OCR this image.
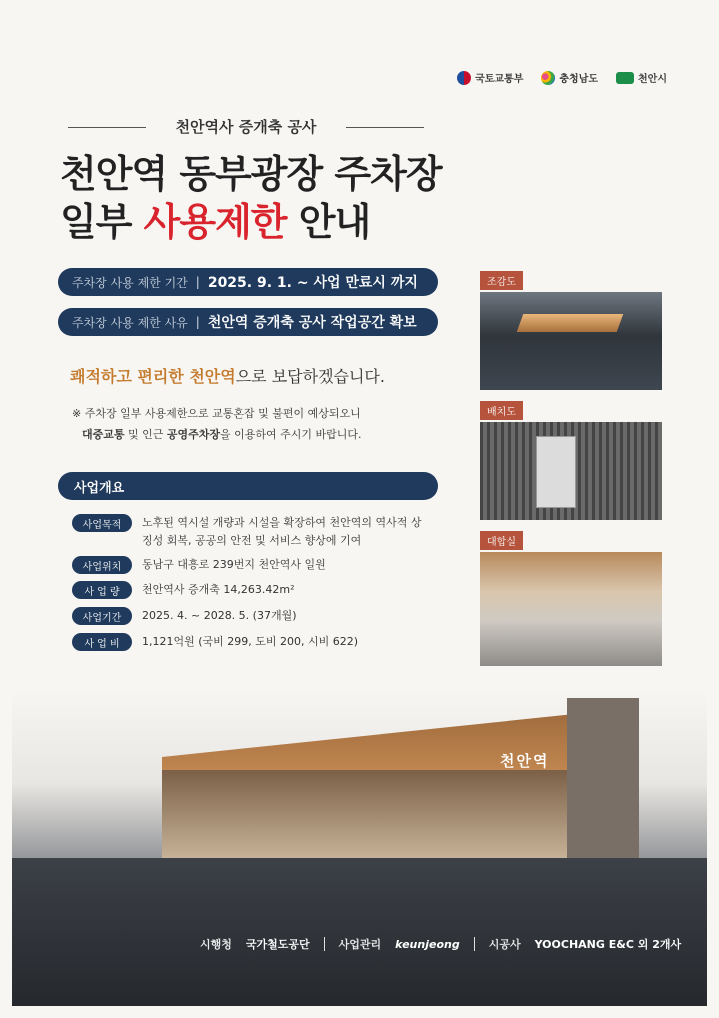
국토교통부	충청남도	천안시
천안역사 증개축 공사
천안역 동부광장 주차장
일부 사용제한 안내
주차장 사용 제한 기간 | 2025. 9. 1. ~ 사업 만료시 까지
주차장 사용 제한 사유 | 천안역 증개축 공사 작업공간 확보
쾌적하고 편리한 천안역으로 보답하겠습니다.
※ 주차장 일부 사용제한으로 교통혼잡 및 불편이 예상되오니
대중교통 및 인근 공영주차장을 이용하여 주시기 바랍니다.
사업개요
사업목적	노후된 역시설 개량과 시설을 확장하여 천안역의 역사적 상징성 회복, 공공의 안전 및 서비스 향상에 기여
사업위치	동남구 대흥로 239번지 천안역사 일원
사 업 량	천안역사 증개축 14,263.42m²
사업기간	2025. 4. ~ 2028. 5. (37개월)
사 업 비	1,121억원 (국비 299, 도비 200, 시비 622)
조감도
배치도
대합실
천안역
시행청 국가철도공단	사업관리 keunjeong	시공사 YOOCHANG E&C 외 2개사
